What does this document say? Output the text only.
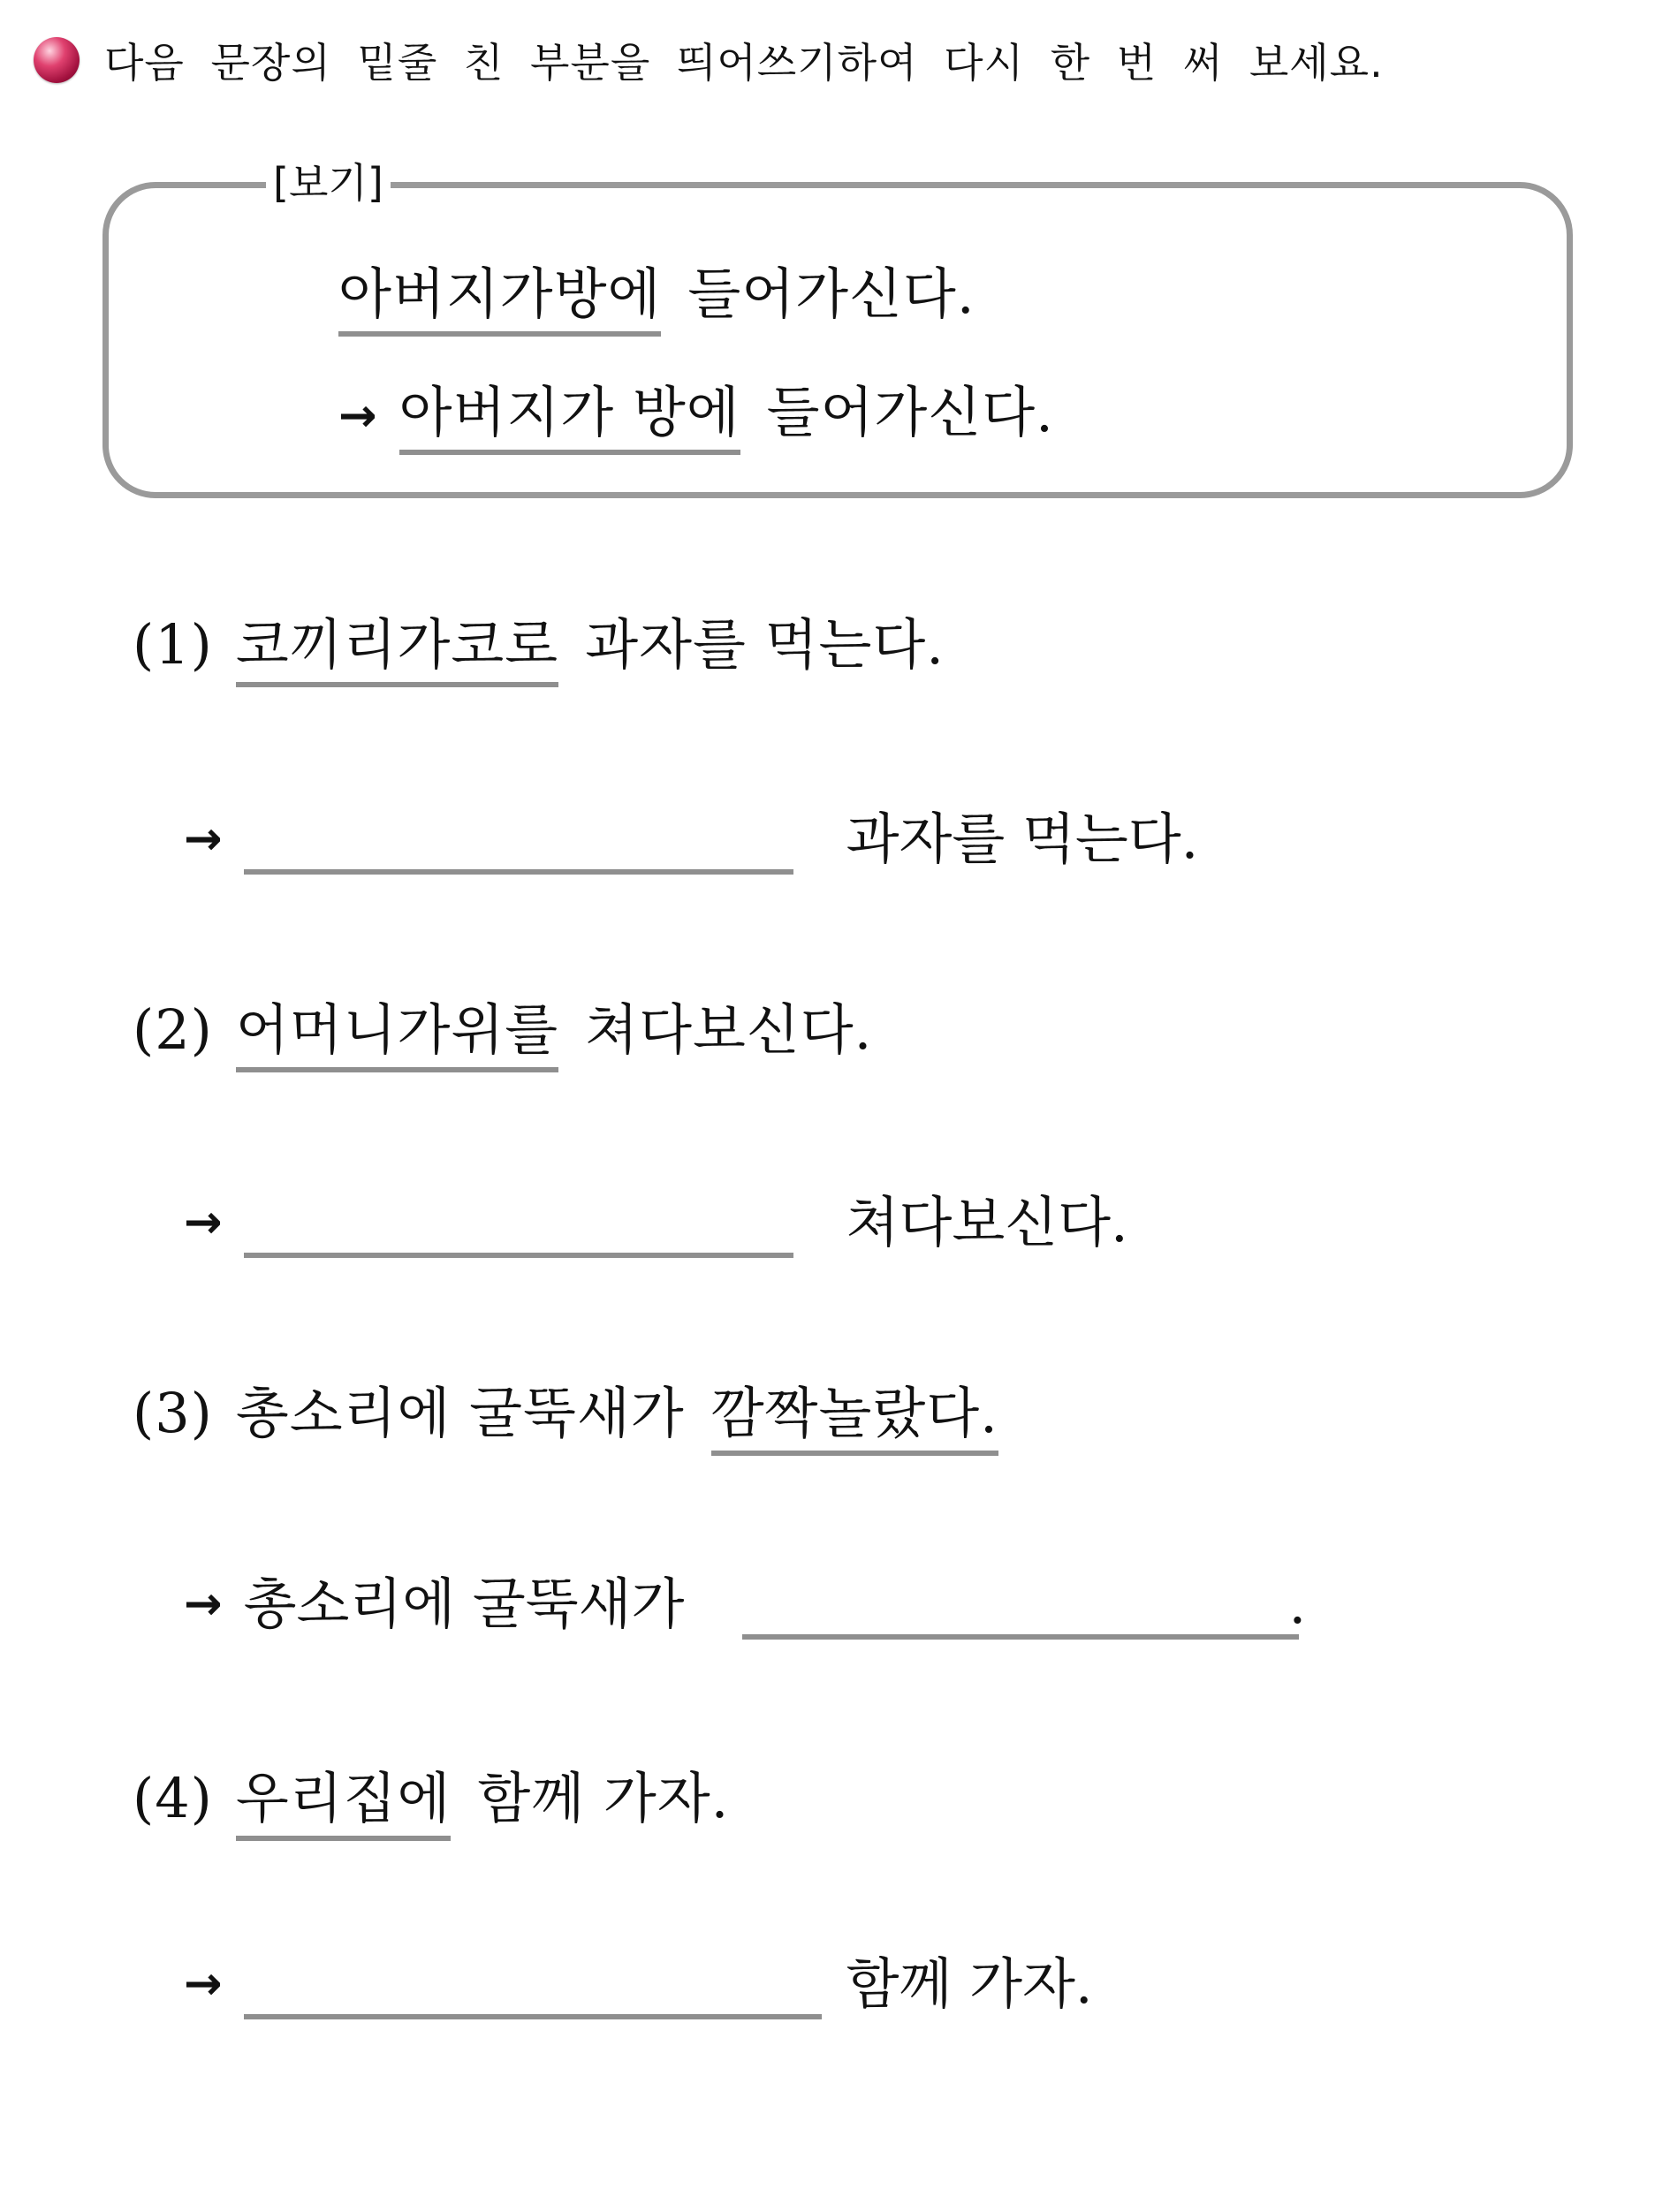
다음 문장의 밑줄 친 부분을 띄어쓰기하여 다시 한 번 써 보세요.
[보기]
아버지가방에 들어가신다.
→ 아버지가 방에 들어가신다.
(1) 코끼리가코로 과자를 먹는다.
→	과자를 먹는다.
(2) 어머니가위를 쳐다보신다.
→	쳐다보신다.
(3) 총소리에 굴뚝새가 깜짝놀랐다.
→ 총소리에 굴뚝새가	.
(4) 우리집에 함께 가자.
→	함께 가자.
